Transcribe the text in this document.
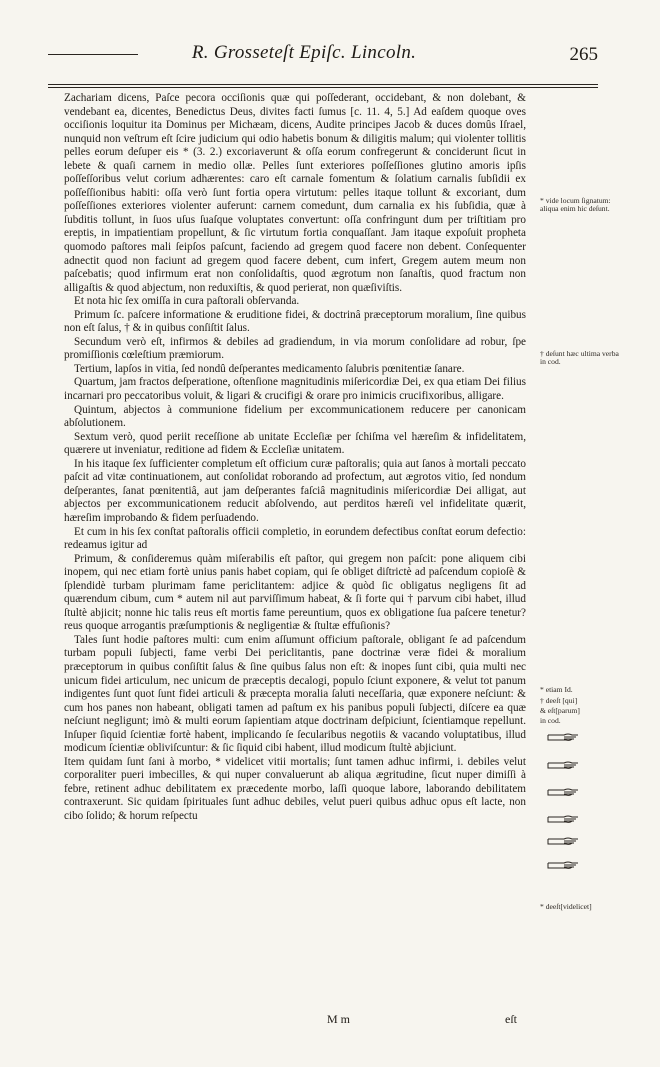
R. Grosseteſt Epiſc. Lincoln.	265

Zachariam dicens, Paſce pecora occiſionis quæ qui poſſederant, occidebant, & non dolebant, & vendebant ea, dicentes, Benedictus Deus, divites facti ſumus [c. 11. 4, 5.] Ad eaſdem quoque oves occiſionis loquitur ita Dominus per Michæam, dicens, Audite principes Jacob & duces domûs Iſrael, nunquid non veſtrum eſt ſcire judicium qui odio habetis bonum & diligitis malum; qui violenter tollitis pelles eorum deſuper eis * (3. 2.) excoriaverunt & oſſa eorum confregerunt & conciderunt ſicut in lebete & quaſi carnem in medio ollæ. Pelles ſunt exteriores poſſeſſiones glutino amoris ipſis poſſeſſoribus velut corium adhærentes: caro eſt carnale fomentum & ſolatium carnalis ſubſidii ex poſſeſſionibus habiti: oſſa verò ſunt fortia opera virtutum: pelles itaque tollunt & excoriant, dum poſſeſſiones exteriores violenter auferunt: carnem comedunt, dum carnalia ex his ſubſidia, quæ à ſubditis tollunt, in ſuos uſus ſuaſque voluptates convertunt: oſſa confringunt dum per triſtitiam pro ereptis, in impatientiam propellunt, & ſic virtutum fortia conquaſſant. Jam itaque expoſuit propheta quomodo paſtores mali ſeipſos paſcunt, faciendo ad gregem quod facere non debent. Conſequenter adnectit quod non faciunt ad gregem quod facere debent, cum infert, Gregem autem meum non paſcebatis; quod infirmum erat non conſolidaſtis, quod ægrotum non ſanaſtis, quod fractum non alligaſtis & quod abjectum, non reduxiſtis, & quod perierat, non quæſiviſtis.

Et nota hic ſex omiſſa in cura paſtorali obſervanda.

Primum ſc. paſcere informatione & eruditione fidei, & doctrinâ præceptorum moralium, ſine quibus non eſt ſalus, † & in quibus conſiſtit ſalus.

Secundum verò eſt, infirmos & debiles ad gradiendum, in via morum conſolidare ad robur, ſpe promiſſionis cœleſtium præmiorum.

Tertium, lapſos in vitia, ſed nondû deſperantes medicamento ſalubris pœnitentiæ ſanare.

Quartum, jam fractos deſperatione, oſtenſione magnitudinis miſericordiæ Dei, ex qua etiam Dei filius incarnari pro peccatoribus voluit, & ligari & crucifigi & orare pro inimicis crucifixoribus, alligare.

Quintum, abjectos à communione fidelium per excommunicationem reducere per canonicam abſolutionem.

Sextum verò, quod periit receſſione ab unitate Eccleſiæ per ſchiſma vel hæreſim & infidelitatem, quærere ut inveniatur, reditione ad fidem & Eccleſiæ unitatem.

In his itaque ſex ſufficienter completum eſt officium curæ paſtoralis; quia aut ſanos à mortali peccato paſcit ad vitæ continuationem, aut conſolidat roborando ad profectum, aut ægrotos vitio, ſed nondum deſperantes, ſanat pœnitentiâ, aut jam deſperantes faſciâ magnitudinis miſericordiæ Dei alligat, aut abjectos per excommunicationem reducit abſolvendo, aut perditos hæreſi vel infidelitate quærit, hæreſim improbando & fidem perſuadendo.

Et cum in his ſex conſtat paſtoralis officii completio, in eorundem defectibus conſtat eorum defectio: redeamus igitur ad

Primum, & conſideremus quàm miſerabilis eſt paſtor, qui gregem non paſcit: pone aliquem cibi inopem, qui nec etiam fortè unius panis habet copiam, qui ſe obliget diſtrictè ad paſcendum copioſè & ſplendidè turbam plurimam fame periclitantem: adjice & quòd ſic obligatus negligens ſit ad quærendum cibum, cum * autem nil aut parviſſimum habeat, & ſi forte qui † parvum cibi habet, illud ſtultè abjicit; nonne hic talis reus eſt mortis fame pereuntium, quos ex obligatione ſua paſcere tenetur? reus quoque arrogantis præſumptionis & negligentiæ & ſtultæ effuſionis?

Tales ſunt hodie paſtores multi: cum enim aſſumunt officium paſtorale, obligant ſe ad paſcendum turbam populi ſubjecti, fame verbi Dei periclitantis, pane doctrinæ veræ fidei & moralium præceptorum in quibus conſiſtit ſalus & ſine quibus ſalus non eſt: & inopes ſunt cibi, quia multi nec unicum fidei articulum, nec unicum de præceptis decalogi, populo ſciunt exponere, & velut tot panum indigentes ſunt quot ſunt fidei articuli & præcepta moralia ſaluti neceſſaria, quæ exponere neſciunt: & cum hos panes non habeant, obligati tamen ad paſtum ex his panibus populi ſubjecti, diſcere ea quæ neſciunt negligunt; imò & multi eorum ſapientiam atque doctrinam deſpiciunt, ſcientiamque repellunt. Inſuper ſiquid ſcientiæ fortè habent, implicando ſe ſecularibus negotiis & vacando voluptatibus, illud modicum ſcientiæ obliviſcuntur: & ſic ſiquid cibi habent, illud modicum ſtultè abjiciunt.

Item quidam ſunt ſani à morbo, * videlicet vitii mortalis; ſunt tamen adhuc infirmi, i. debiles velut corporaliter pueri imbecilles, & qui nuper convaluerunt ab aliqua ægritudine, ſicut nuper dimiſſi à febre, retinent adhuc debilitatem ex præcedente morbo, laſſi quoque labore, laborando debilitatem contraxerunt. Sic quidam ſpirituales ſunt adhuc debiles, velut pueri quibus adhuc opus eſt lacte, non cibo ſolido; & horum reſpectu

* vide locum ſignatum: aliqua enim hic deſunt.
† deſunt hæc ultima verba in cod.
* etiam Id.
† deeſt [qui]
& eſt[parum]
in cod.
* deeſt[videlicet]
M m	eſt
